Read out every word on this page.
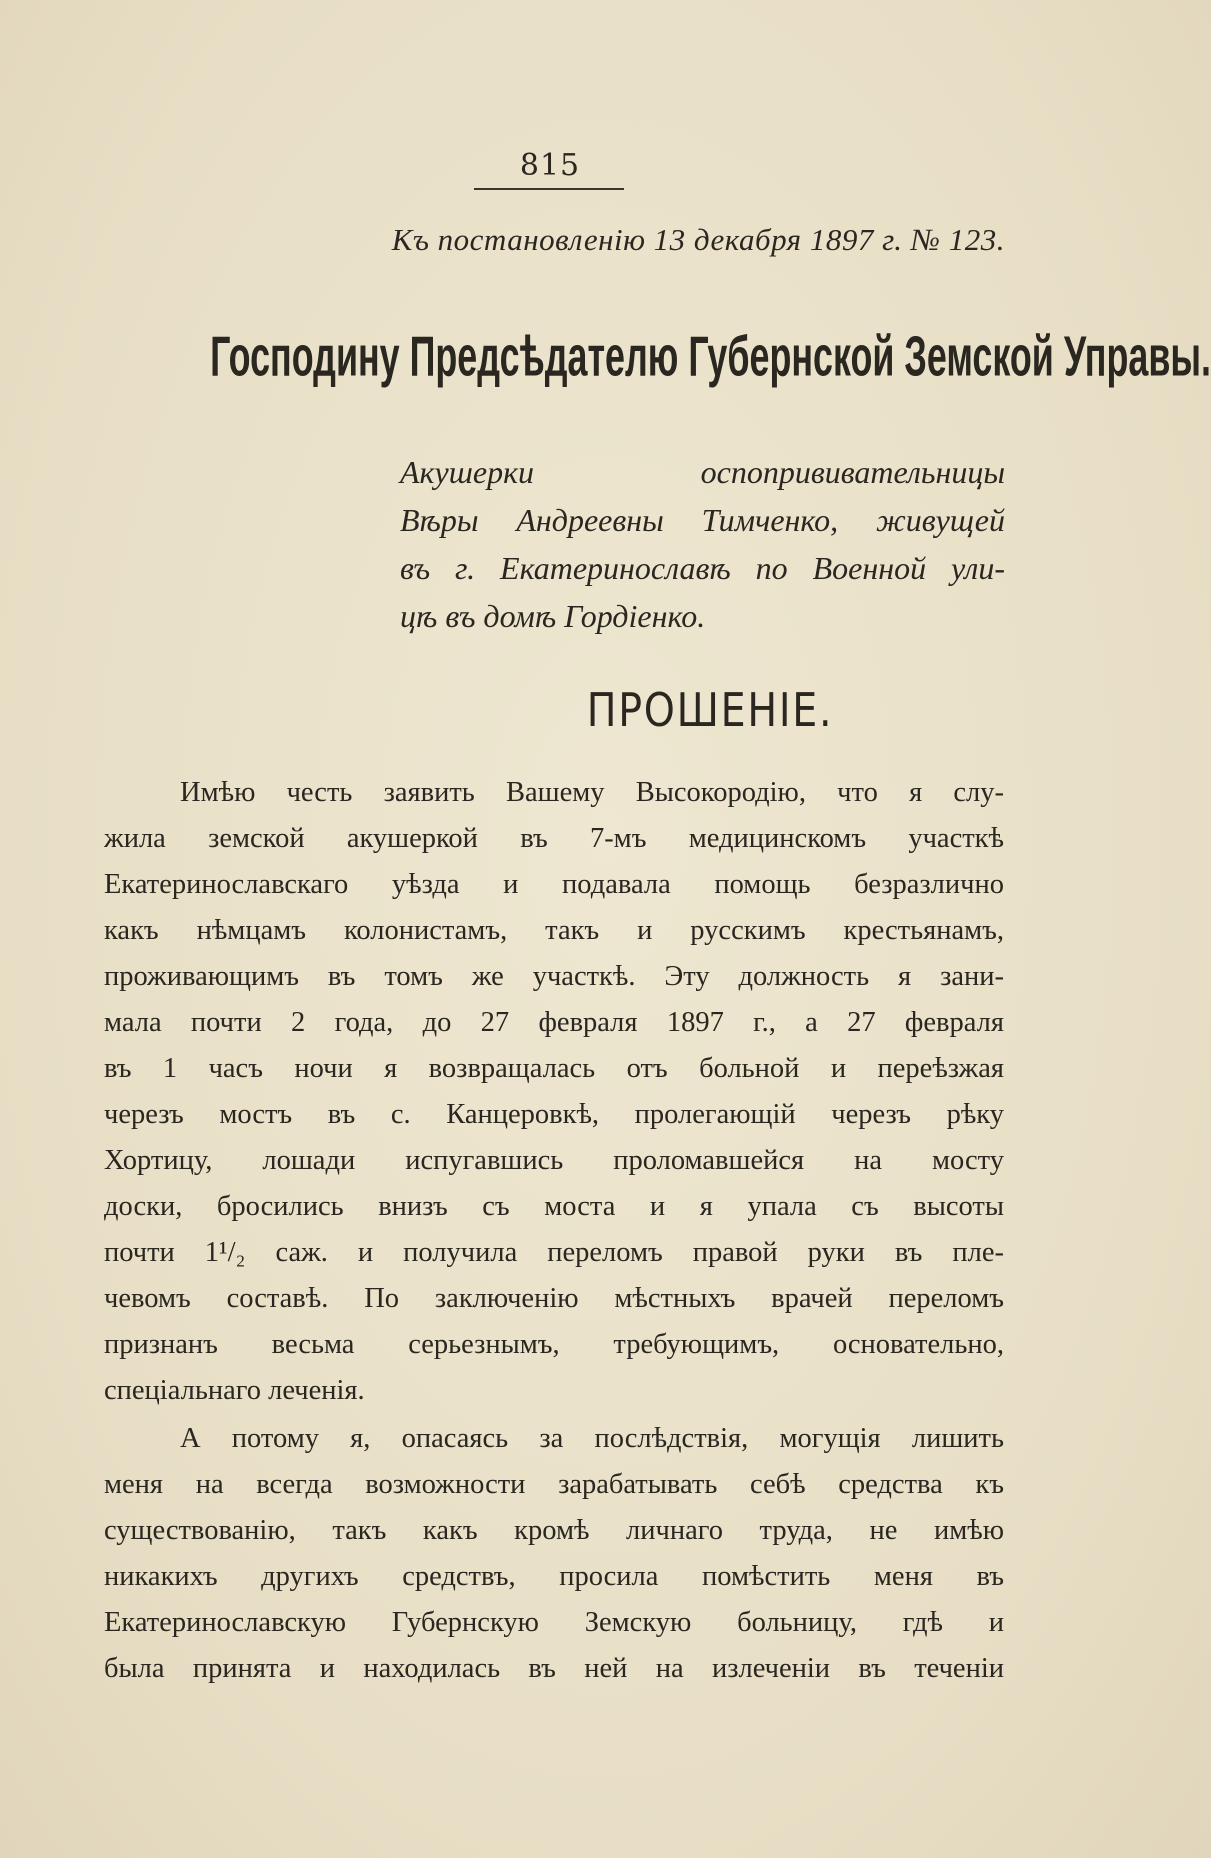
815
Къ постановленію 13 декабря 1897 г. № 123.
Господину Предсѣдателю Губернской Земской Управы.
Акушерки оспопрививательницы
Вѣры Андреевны Тимченко, живущей
въ г. Екатеринославѣ по Военной ули-
цѣ въ домѣ Гордіенко.
ПРОШЕНІЕ.
Имѣю честь заявить Вашему Высокородію, что я слу-
жила земской акушеркой въ 7-мъ медицинскомъ участкѣ
Екатеринославскаго уѣзда и подавала помощь безразлично
какъ нѣмцамъ колонистамъ, такъ и русскимъ крестьянамъ,
проживающимъ въ томъ же участкѣ. Эту должность я зани-
мала почти 2 года, до 27 февраля 1897 г., а 27 февраля
въ 1 часъ ночи я возвращалась отъ больной и переѣзжая
черезъ мостъ въ с. Канцеровкѣ, пролегающій черезъ рѣку
Хортицу, лошади испугавшись проломавшейся на мосту
доски, бросились внизъ съ моста и я упала съ высоты
почти 1¹/₂ саж. и получила переломъ правой руки въ пле-
чевомъ составѣ. По заключенію мѣстныхъ врачей переломъ
признанъ весьма серьезнымъ, требующимъ, основательно,
спеціальнаго леченія.
А потому я, опасаясь за послѣдствія, могущія лишить
меня на всегда возможности зарабатывать себѣ средства къ
существованію, такъ какъ кромѣ личнаго труда, не имѣю
никакихъ другихъ средствъ, просила помѣстить меня въ
Екатеринославскую Губернскую Земскую больницу, гдѣ и
была принята и находилась въ ней на излеченіи въ теченіи
